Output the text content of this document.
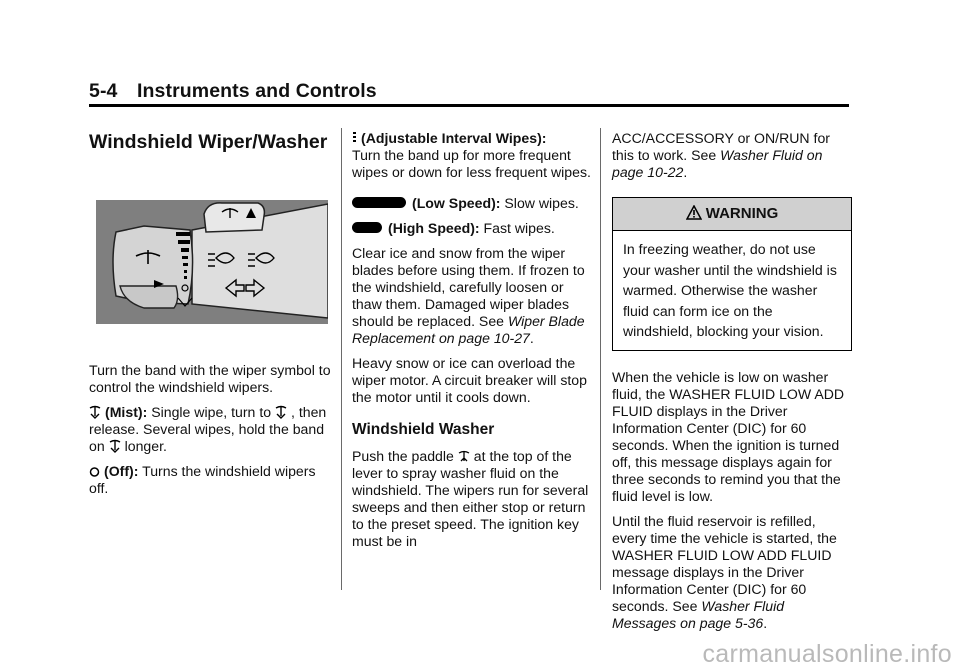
5-4 Instruments and Controls
Windshield Wiper/Washer

Turn the band with the wiper symbol to control the windshield wipers.

(Mist): Single wipe, turn to , then release. Several wipes, hold the band on longer.

(Off): Turns the windshield wipers off.

(Adjustable Interval Wipes):
Turn the band up for more frequent wipes or down for less frequent wipes.

(Low Speed): Slow wipes.

(High Speed): Fast wipes.

Clear ice and snow from the wiper blades before using them. If frozen to the windshield, carefully loosen or thaw them. Damaged wiper blades should be replaced. See Wiper Blade Replacement on page 10-27.

Heavy snow or ice can overload the wiper motor. A circuit breaker will stop the motor until it cools down.

Windshield Washer

Push the paddle at the top of the lever to spray washer fluid on the windshield. The wipers run for several sweeps and then either stop or return to the preset speed. The ignition key must be in

ACC/ACCESSORY or ON/RUN for this to work. See Washer Fluid on page 10-22.

WARNING
In freezing weather, do not use your washer until the windshield is warmed. Otherwise the washer fluid can form ice on the windshield, blocking your vision.

When the vehicle is low on washer fluid, the WASHER FLUID LOW ADD FLUID displays in the Driver Information Center (DIC) for 60 seconds. When the ignition is turned off, this message displays again for three seconds to remind you that the fluid level is low.

Until the fluid reservoir is refilled, every time the vehicle is started, the WASHER FLUID LOW ADD FLUID message displays in the Driver Information Center (DIC) for 60 seconds. See Washer Fluid Messages on page 5-36.

carmanualsonline.info
